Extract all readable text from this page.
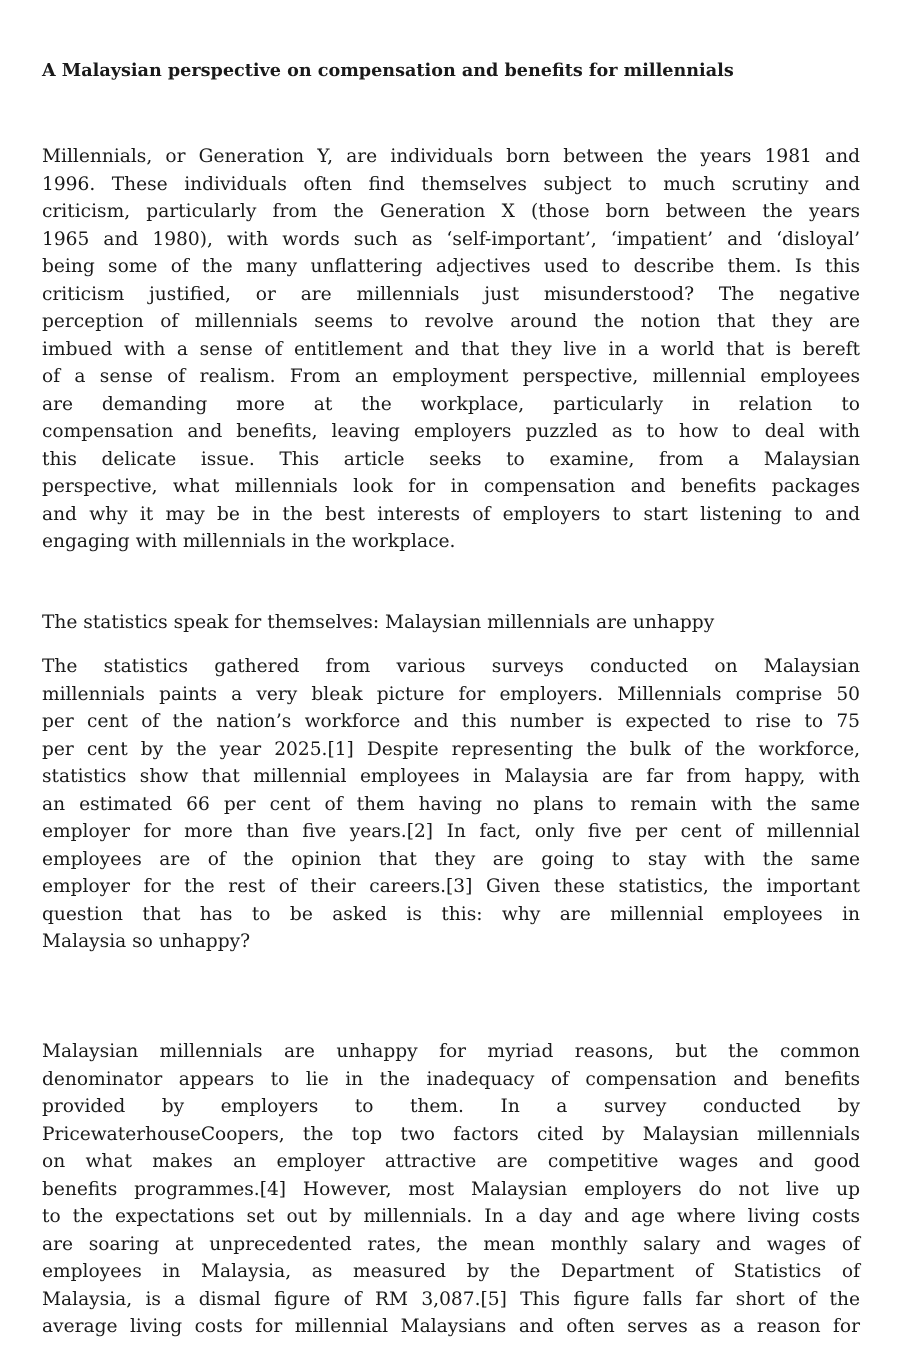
A Malaysian perspective on compensation and benefits for millennials
Millennials, or Generation Y, are individuals born between the years 1981 and
1996. These individuals often find themselves subject to much scrutiny and
criticism, particularly from the Generation X (those born between the years
1965 and 1980), with words such as ‘self-important’, ‘impatient’ and ‘disloyal’
being some of the many unflattering adjectives used to describe them. Is this
criticism justified, or are millennials just misunderstood? The negative
perception of millennials seems to revolve around the notion that they are
imbued with a sense of entitlement and that they live in a world that is bereft
of a sense of realism. From an employment perspective, millennial employees
are demanding more at the workplace, particularly in relation to
compensation and benefits, leaving employers puzzled as to how to deal with
this delicate issue. This article seeks to examine, from a Malaysian
perspective, what millennials look for in compensation and benefits packages
and why it may be in the best interests of employers to start listening to and
engaging with millennials in the workplace.
The statistics speak for themselves: Malaysian millennials are unhappy
The statistics gathered from various surveys conducted on Malaysian
millennials paints a very bleak picture for employers. Millennials comprise 50
per cent of the nation’s workforce and this number is expected to rise to 75
per cent by the year 2025.[1] Despite representing the bulk of the workforce,
statistics show that millennial employees in Malaysia are far from happy, with
an estimated 66 per cent of them having no plans to remain with the same
employer for more than five years.[2] In fact, only five per cent of millennial
employees are of the opinion that they are going to stay with the same
employer for the rest of their careers.[3] Given these statistics, the important
question that has to be asked is this: why are millennial employees in
Malaysia so unhappy?
Malaysian millennials are unhappy for myriad reasons, but the common
denominator appears to lie in the inadequacy of compensation and benefits
provided by employers to them. In a survey conducted by
PricewaterhouseCoopers, the top two factors cited by Malaysian millennials
on what makes an employer attractive are competitive wages and good
benefits programmes.[4] However, most Malaysian employers do not live up
to the expectations set out by millennials. In a day and age where living costs
are soaring at unprecedented rates, the mean monthly salary and wages of
employees in Malaysia, as measured by the Department of Statistics of
Malaysia, is a dismal figure of RM 3,087.[5] This figure falls far short of the
average living costs for millennial Malaysians and often serves as a reason for
